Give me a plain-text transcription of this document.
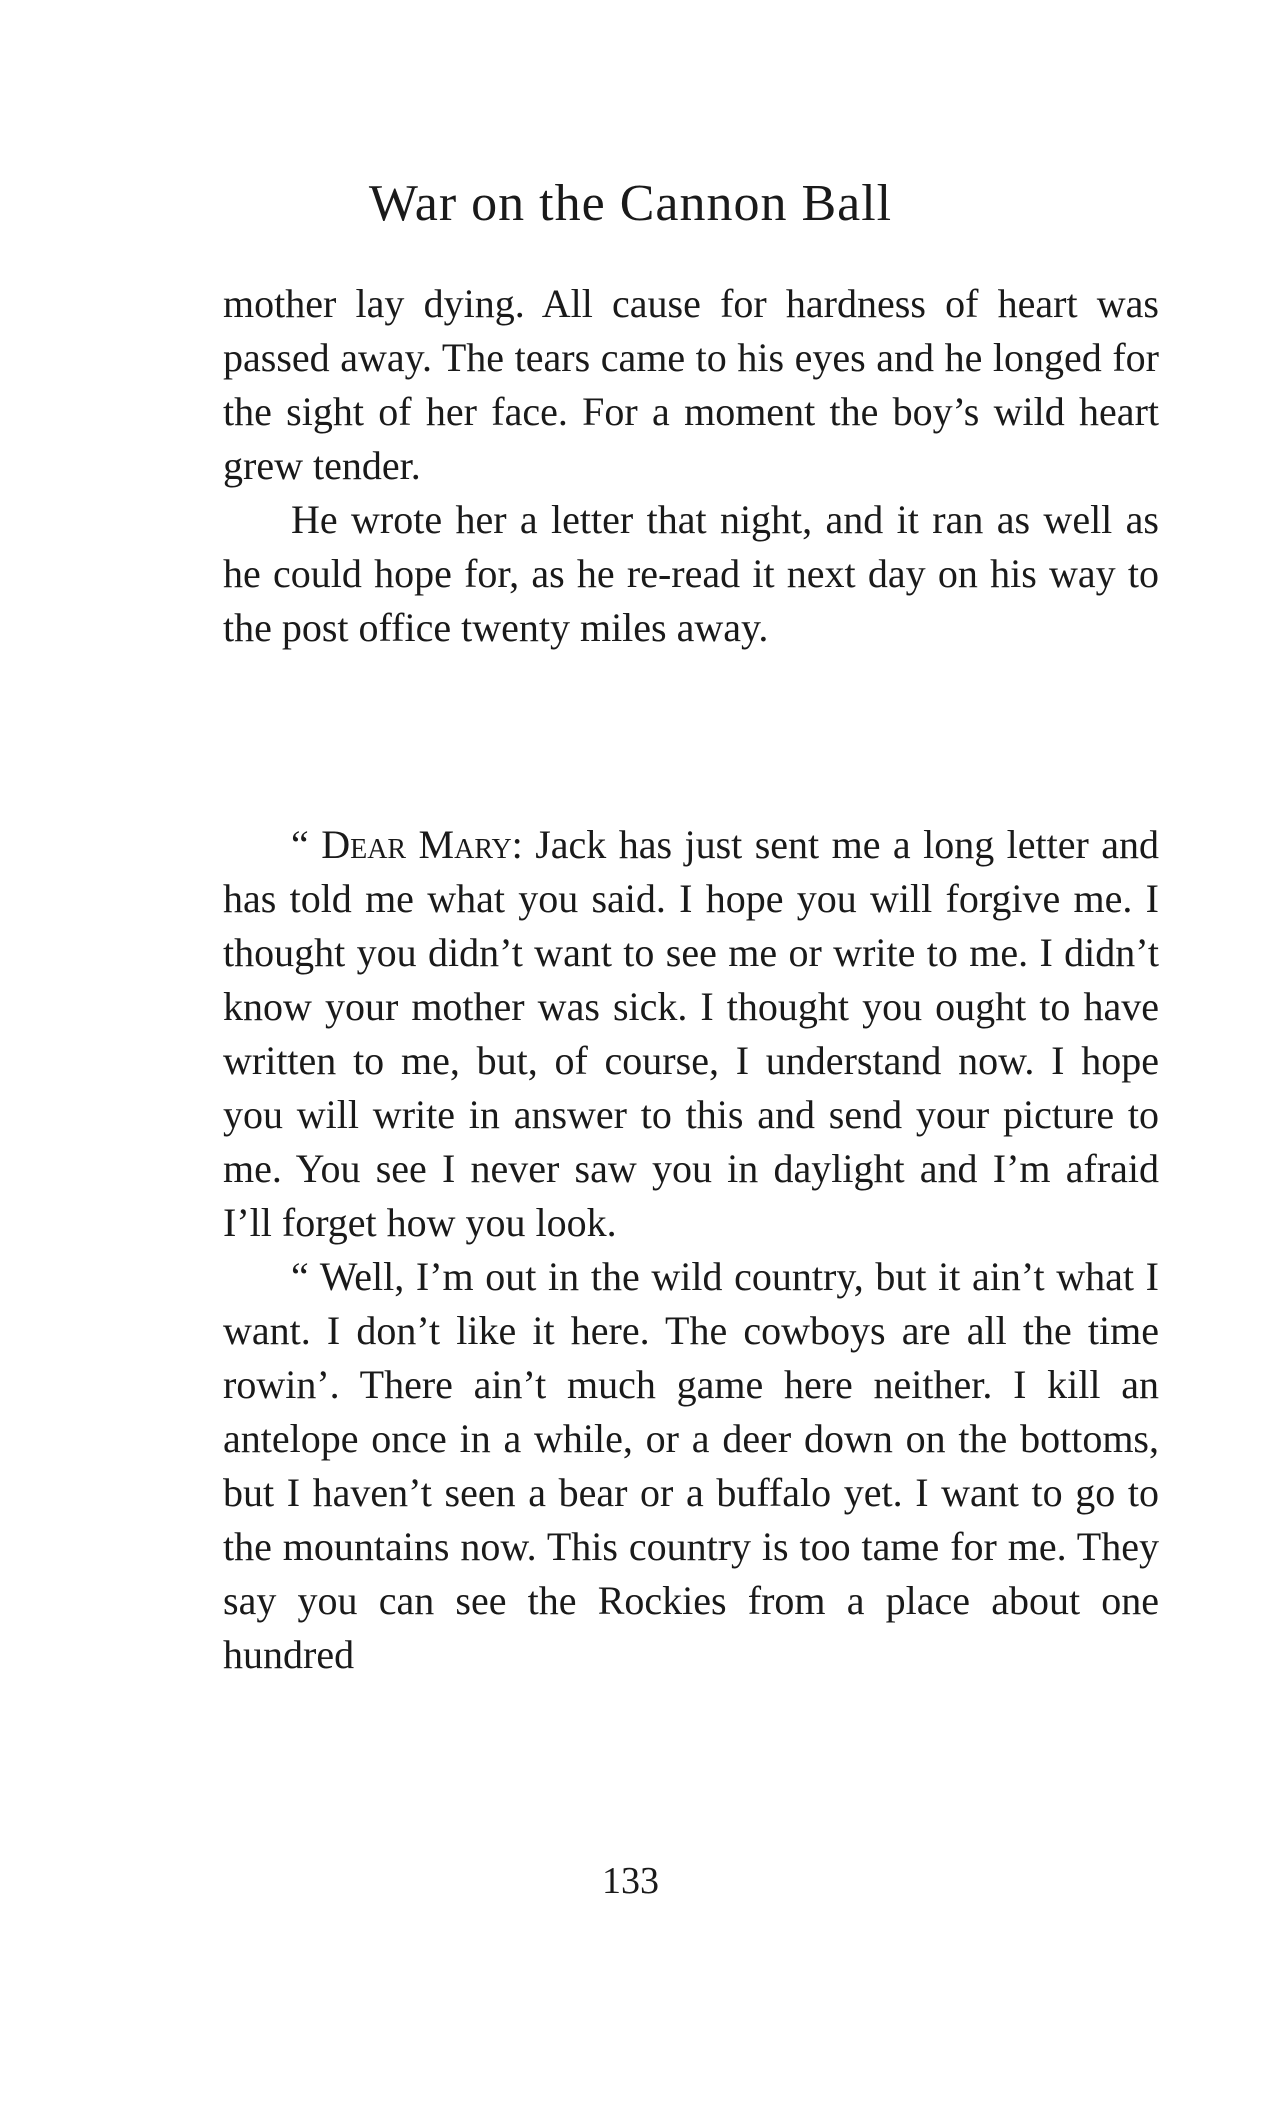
War on the Cannon Ball

mother lay dying. All cause for hardness of heart was passed away. The tears came to his eyes and he longed for the sight of her face. For a moment the boy’s wild heart grew tender.

He wrote her a letter that night, and it ran as well as he could hope for, as he re-read it next day on his way to the post office twenty miles away.

“ Dear Mary: Jack has just sent me a long letter and has told me what you said. I hope you will forgive me. I thought you didn’t want to see me or write to me. I didn’t know your mother was sick. I thought you ought to have written to me, but, of course, I understand now. I hope you will write in answer to this and send your picture to me. You see I never saw you in daylight and I’m afraid I’ll forget how you look.

“ Well, I’m out in the wild country, but it ain’t what I want. I don’t like it here. The cowboys are all the time rowin’. There ain’t much game here neither. I kill an antelope once in a while, or a deer down on the bottoms, but I haven’t seen a bear or a buffalo yet. I want to go to the mountains now. This country is too tame for me. They say you can see the Rockies from a place about one hundred

133
